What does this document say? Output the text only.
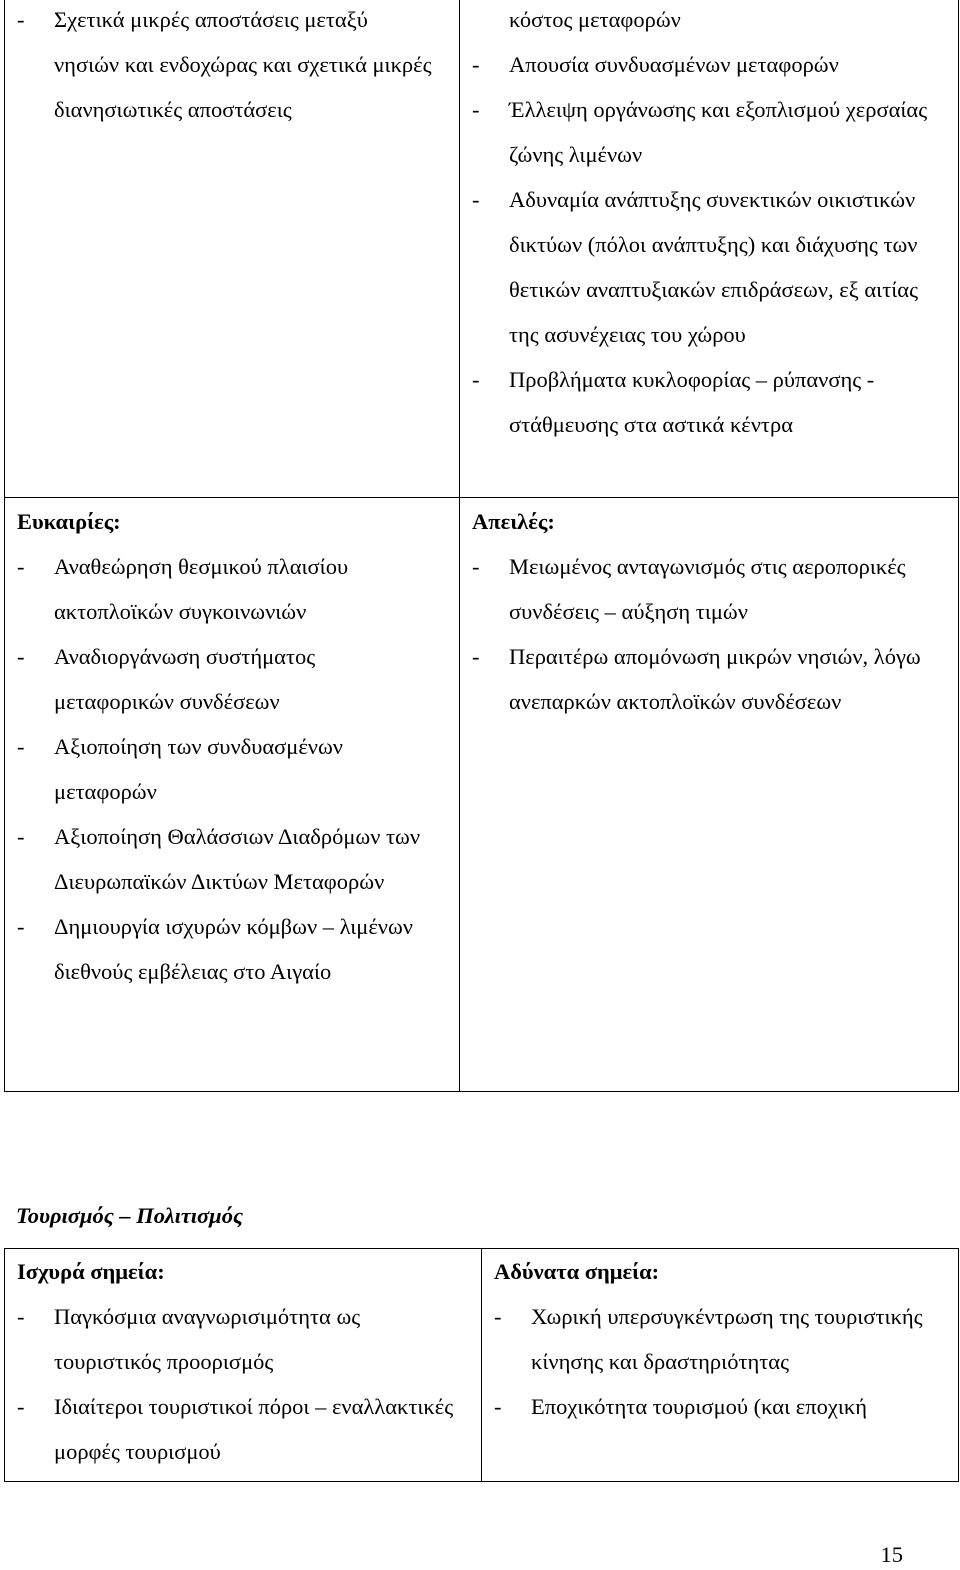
- Σχετικά μικρές αποστάσεις μεταξύ νησιών και ενδοχώρας και σχετικά μικρές διανησιωτικές αποστάσεις
κόστος μεταφορών
- Απουσία συνδυασμένων μεταφορών
- Έλλειψη οργάνωσης και εξοπλισμού χερσαίας ζώνης λιμένων
- Αδυναμία ανάπτυξης συνεκτικών οικιστικών δικτύων (πόλοι ανάπτυξης) και διάχυσης των θετικών αναπτυξιακών επιδράσεων, εξ αιτίας της ασυνέχειας του χώρου
- Προβλήματα κυκλοφορίας – ρύπανσης - στάθμευσης στα αστικά κέντρα
Ευκαιρίες:
- Αναθεώρηση θεσμικού πλαισίου ακτοπλοϊκών συγκοινωνιών
- Αναδιοργάνωση συστήματος μεταφορικών συνδέσεων
- Αξιοποίηση των συνδυασμένων μεταφορών
- Αξιοποίηση Θαλάσσιων Διαδρόμων των Διευρωπαϊκών Δικτύων Μεταφορών
- Δημιουργία ισχυρών κόμβων – λιμένων διεθνούς εμβέλειας στο Αιγαίο
Απειλές:
- Μειωμένος ανταγωνισμός στις αεροπορικές συνδέσεις – αύξηση τιμών
- Περαιτέρω απομόνωση μικρών νησιών, λόγω ανεπαρκών ακτοπλοϊκών συνδέσεων
Τουρισμός – Πολιτισμός
Ισχυρά σημεία:
- Παγκόσμια αναγνωρισιμότητα ως τουριστικός προορισμός
- Ιδιαίτεροι τουριστικοί πόροι – εναλλακτικές μορφές τουρισμού
Αδύνατα σημεία:
- Χωρική υπερσυγκέντρωση της τουριστικής κίνησης και δραστηριότητας
- Εποχικότητα τουρισμού (και εποχική
15
